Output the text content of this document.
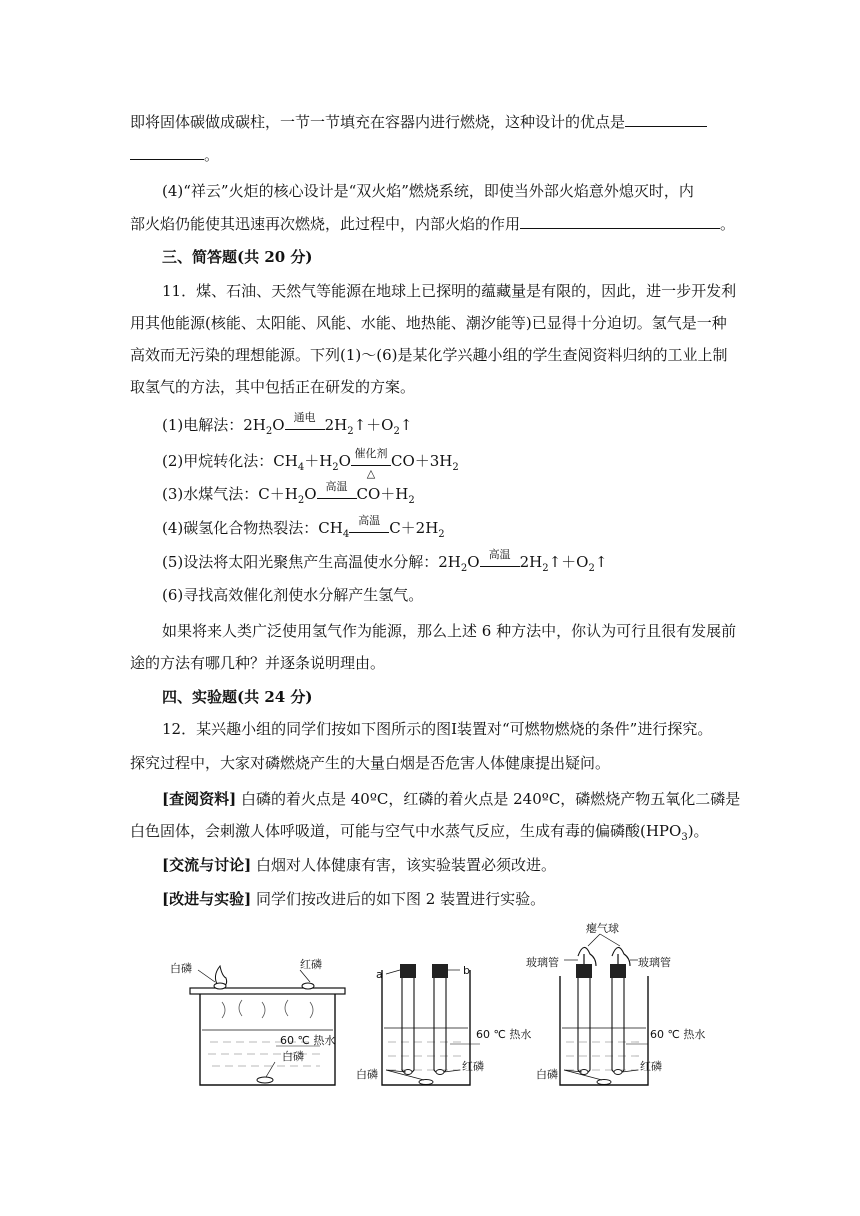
即将固体碳做成碳柱，一节一节填充在容器内进行燃烧，这种设计的优点是
。
(4)“祥云”火炬的核心设计是“双火焰”燃烧系统，即使当外部火焰意外熄灭时，内
部火焰仍能使其迅速再次燃烧，此过程中，内部火焰的作用	。
三、简答题(共 20 分)
11．煤、石油、天然气等能源在地球上已探明的蕴藏量是有限的，因此，进一步开发利
用其他能源(核能、太阳能、风能、水能、地热能、潮汐能等)已显得十分迫切。氢气是一种
高效而无污染的理想能源。下列(1)～(6)是某化学兴趣小组的学生查阅资料归纳的工业上制
取氢气的方法，其中包括正在研发的方案。
(1)电解法：$2H_2O$ 通电 $2H_2↑+O_2↑$
(2)甲烷转化法：$CH_4+H_2O$ 催化剂
△
$CO+3H_2$
(3)水煤气法：$C+H_2O$ 高温 $CO+H_2$
(4)碳氢化合物热裂法：$CH_4$
高温 $C+2H_2$
(5)设法将太阳光聚焦产生高温使水分解：$2H_2O$ 高温 $2H_2↑+O_2↑$
(6)寻找高效催化剂使水分解产生氢气。
如果将来人类广泛使用氢气作为能源，那么上述 6 种方法中，你认为可行且很有发展前
途的方法有哪几种？并逐条说明理由。
四、实验题(共 24 分)
12．某兴趣小组的同学们按如下图所示的图Ⅰ装置对“可燃物燃烧的条件”进行探究。
探究过程中，大家对磷燃烧产生的大量白烟是否危害人体健康提出疑问。
[查阅资料] 白磷的着火点是 40ºC，红磷的着火点是 240ºC，磷燃烧产物五氧化二磷是
白色固体，会刺激人体呼吸道，可能与空气中水蒸气反应，生成有毒的偏磷酸$(HPO_3)$。
[交流与讨论] 白烟对人体健康有害，该实验装置必须改进。
[改进与实验] 同学们按改进后的如下图 2 装置进行实验。
白磷	红磷
60 ℃ 热水
白磷
a	b
60 ℃ 热水
白磷
红磷
瘪气球
玻璃管	玻璃管
60 ℃ 热水
白磷
红磷
